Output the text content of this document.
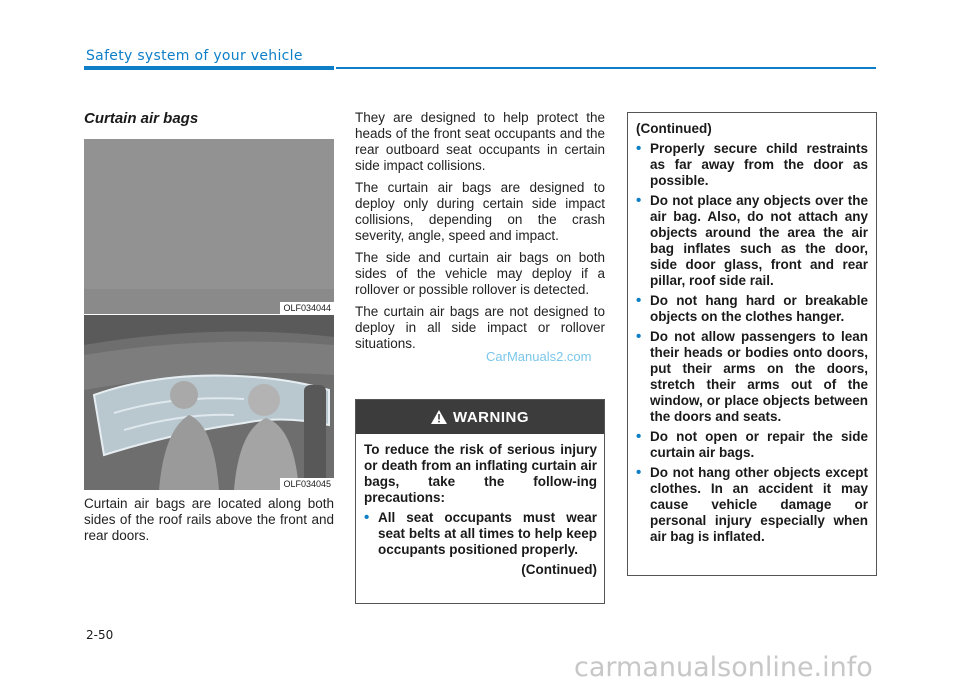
Safety system of your vehicle
Curtain air bags
OLF034044
OLF034045
Curtain air bags are located along both sides of the roof rails above the front and rear doors.

They are designed to help protect the heads of the front seat occupants and the rear outboard seat occupants in certain side impact collisions.

The curtain air bags are designed to deploy only during certain side impact collisions, depending on the crash severity, angle, speed and impact.

The side and curtain air bags on both sides of the vehicle may deploy if a rollover or possible rollover is detected.

The curtain air bags are not designed to deploy in all side impact or rollover situations.

WARNING
To reduce the risk of serious injury or death from an inflating curtain air bags, take the follow-ing precautions:
• All seat occupants must wear seat belts at all times to help keep occupants positioned properly.
(Continued)
(Continued)
• Properly secure child restraints as far away from the door as possible.
• Do not place any objects over the air bag. Also, do not attach any objects around the area the air bag inflates such as the door, side door glass, front and rear pillar, roof side rail.
• Do not hang hard or breakable objects on the clothes hanger.
• Do not allow passengers to lean their heads or bodies onto doors, put their arms on the doors, stretch their arms out of the window, or place objects between the doors and seats.
• Do not open or repair the side curtain air bags.
• Do not hang other objects except clothes. In an accident it may cause vehicle damage or personal injury especially when air bag is inflated.
2-50
CarManuals2.com
carmanualsonline.info
